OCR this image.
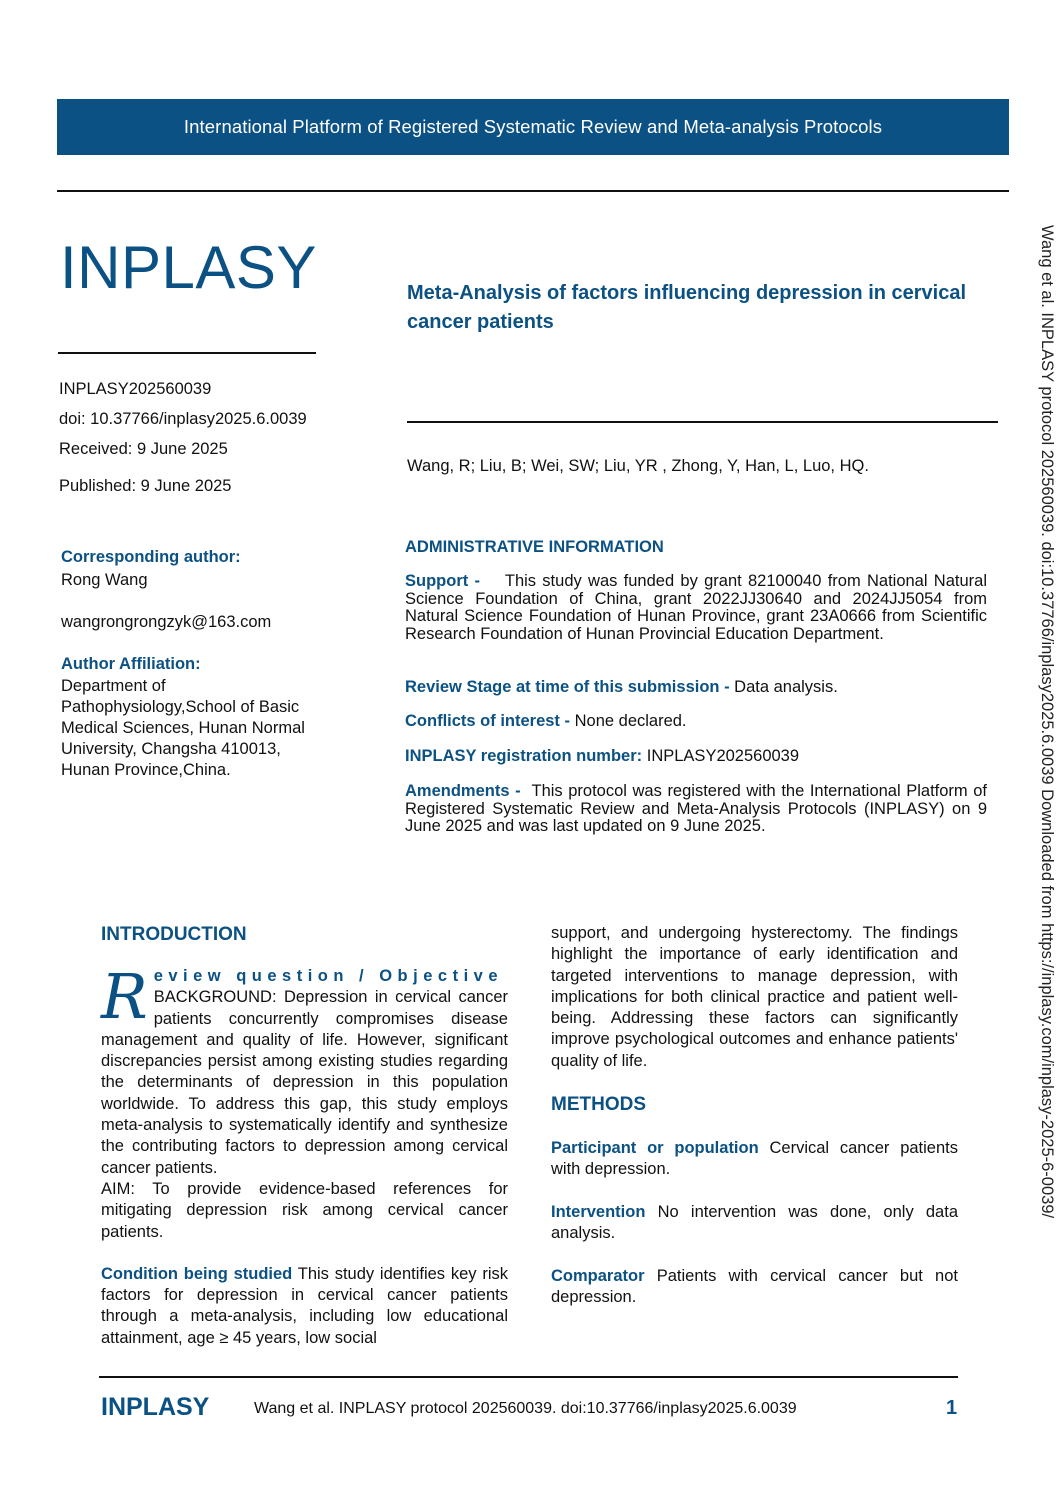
International Platform of Registered Systematic Review and Meta-analysis Protocols
INPLASY
INPLASY202560039
doi: 10.37766/inplasy2025.6.0039
Received: 9 June 2025
Published: 9 June 2025
Meta-Analysis of factors influencing depression in cervical cancer patients
Wang, R; Liu, B; Wei, SW; Liu, YR , Zhong, Y, Han, L, Luo, HQ.
Corresponding author:
Rong Wang
wangrongrongzyk@163.com
Author Affiliation:
Department of
Pathophysiology,School of Basic
Medical Sciences, Hunan Normal
University, Changsha 410013,
Hunan Province,China.
ADMINISTRATIVE INFORMATION
Support - This study was funded by grant 82100040 from National Natural Science Foundation of China, grant 2022JJ30640 and 2024JJ5054 from Natural Science Foundation of Hunan Province, grant 23A0666 from Scientific Research Foundation of Hunan Provincial Education Department.
Review Stage at time of this submission - Data analysis.
Conflicts of interest - None declared.
INPLASY registration number: INPLASY202560039
Amendments - This protocol was registered with the International Platform of Registered Systematic Review and Meta-Analysis Protocols (INPLASY) on 9 June 2025 and was last updated on 9 June 2025.
INTRODUCTION
R eview question / Objective
BACKGROUND: Depression in cervical cancer patients concurrently compromises disease management and quality of life. However, significant discrepancies persist among existing studies regarding the determinants of depression in this population worldwide. To address this gap, this study employs meta-analysis to systematically identify and synthesize the contributing factors to depression among cervical cancer patients.
AIM: To provide evidence-based references for mitigating depression risk among cervical cancer patients.
Condition being studied This study identifies key risk factors for depression in cervical cancer patients through a meta-analysis, including low educational attainment, age ≥ 45 years, low social
support, and undergoing hysterectomy. The findings highlight the importance of early identification and targeted interventions to manage depression, with implications for both clinical practice and patient well-being. Addressing these factors can significantly improve psychological outcomes and enhance patients' quality of life.
METHODS
Participant or population Cervical cancer patients with depression.
Intervention No intervention was done, only data analysis.
Comparator Patients with cervical cancer but not depression.
INPLASY	Wang et al. INPLASY protocol 202560039. doi:10.37766/inplasy2025.6.0039	1
Wang et al. INPLASY protocol 202560039. doi:10.37766/inplasy2025.6.0039 Downloaded from https://inplasy.com/inplasy-2025-6-0039/
